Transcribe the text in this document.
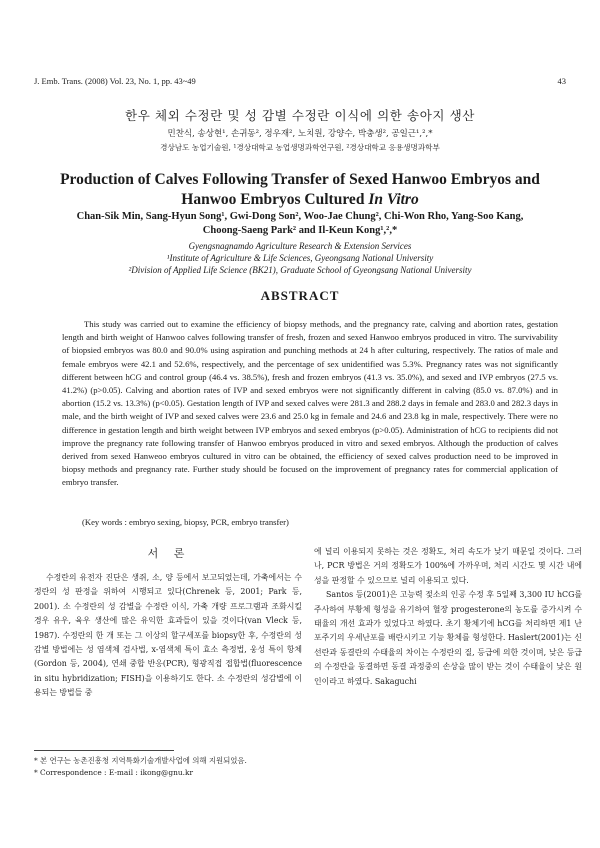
J. Emb. Trans. (2008) Vol. 23, No. 1, pp. 43~49	43
한우 체외 수정란 및 성 감별 수정란 이식에 의한 송아지 생산
민찬식, 송상현¹, 손귀동², 정우재², 노치원, 강양수, 박충생², 공일근¹,²,*
경상남도 농업기술원, ¹경상대학교 농업생명과학연구원, ²경상대학교 응용생명과학부
Production of Calves Following Transfer of Sexed Hanwoo Embryos and
Hanwoo Embryos Cultured In Vitro
Chan-Sik Min, Sang-Hyun Song¹, Gwi-Dong Son², Woo-Jae Chung², Chi-Won Rho, Yang-Soo Kang,
Choong-Saeng Park² and Il-Keun Kong¹,²,*
Gyengsnagnamdo Agriculture Research & Extension Services
¹Institute of Agriculture & Life Sciences, Gyeongsang National University
²Division of Applied Life Science (BK21), Graduate School of Gyeongsang National University
ABSTRACT

This study was carried out to examine the efficiency of biopsy methods, and the pregnancy rate, calving and abortion rates, gestation length and birth weight of Hanwoo calves following transfer of fresh, frozen and sexed Hanwoo embryos produced in vitro. The survivability of biopsied embryos was 80.0 and 90.0% using aspiration and punching methods at 24 h after culturing, respectively. The ratios of male and female embryos were 42.1 and 52.6%, respectively, and the percentage of sex unidentified was 5.3%. Pregnancy rates was not significantly different between hCG and control group (46.4 vs. 38.5%), fresh and frozen embryos (41.3 vs. 35.0%), and sexed and IVP embryos (27.5 vs. 41.2%) (p>0.05). Calving and abortion rates of IVP and sexed embryos were not significantly different in calving (85.0 vs. 87.0%) and in abortion (15.2 vs. 13.3%) (p<0.05). Gestation length of IVP and sexed calves were 281.3 and 288.2 days in female and 283.0 and 282.3 days in male, and the birth weight of IVP and sexed calves were 23.6 and 25.0 kg in female and 24.6 and 23.8 kg in male, respectively. There were no difference in gestation length and birth weight between IVP embryos and sexed embryos (p>0.05). Administration of hCG to recipients did not improve the pregnancy rate following transfer of Hanwoo embryos produced in vitro and sexed embryos. Although the production of calves derived from sexed Hanweoo embryos cultured in vitro can be obtained, the efficiency of sexed calves production need to be improved in biopsy methods and pregnancy rate. Further study should be focused on the improvement of pregnancy rates for commercial application of embryo transfer.

(Key words : embryo sexing, biopsy, PCR, embryo transfer)
서 론

수정란의 유전자 진단은 생쥐, 소, 양 등에서 보고되었는데, 가축에서는 수정란의 성 판정을 위하여 시행되고 있다(Chrenek 등, 2001; Park 등, 2001). 소 수정란의 성 감별을 수정란 이식, 가축 개량 프로그램과 조화시킬 경우 유우, 육우 생산에 많은 유익한 효과들이 있을 것이다(van Vleck 등, 1987). 수정란의 한 개 또는 그 이상의 할구세포를 biopsy한 후, 수정란의 성 감별 방법에는 성 염색체 검사법, x-염색체 특이 효소 측정법, 웅성 특이 항체(Gordon 등, 2004), 연쇄 중합 반응(PCR), 형광직접 접합법(fluorescence in situ hybridization; FISH)을 이용하기도 한다. 소 수정란의 성감별에 이용되는 방법들 중

에 널리 이용되지 못하는 것은 정확도, 처리 속도가 낮기 때문일 것이다. 그러나, PCR 방법은 거의 정확도가 100%에 가까우며, 처리 시간도 몇 시간 내에 성을 판정할 수 있으므로 널리 이용되고 있다.

Santos 등(2001)은 고능력 젖소의 인공 수정 후 5일째 3,300 IU hCG를 주사하여 부황체 형성을 유기하여 혈장 progesterone의 농도를 증가시켜 수태율의 개선 효과가 있었다고 하였다. 초기 황체기에 hCG를 처리하면 제1 난포주기의 우세난포를 배란시키고 기능 황체를 형성한다. Haslert(2001)는 신선란과 동결란의 수태율의 차이는 수정란의 질, 등급에 의한 것이며, 낮은 등급의 수정란을 동결하면 동결 과정중의 손상을 많이 받는 것이 수태율이 낮은 원인이라고 하였다. Sakaguchi

* 본 연구는 농촌진흥청 지역특화기술개발사업에 의해 지원되었음.
* Correspondence : E-mail : ikong@gnu.kr
